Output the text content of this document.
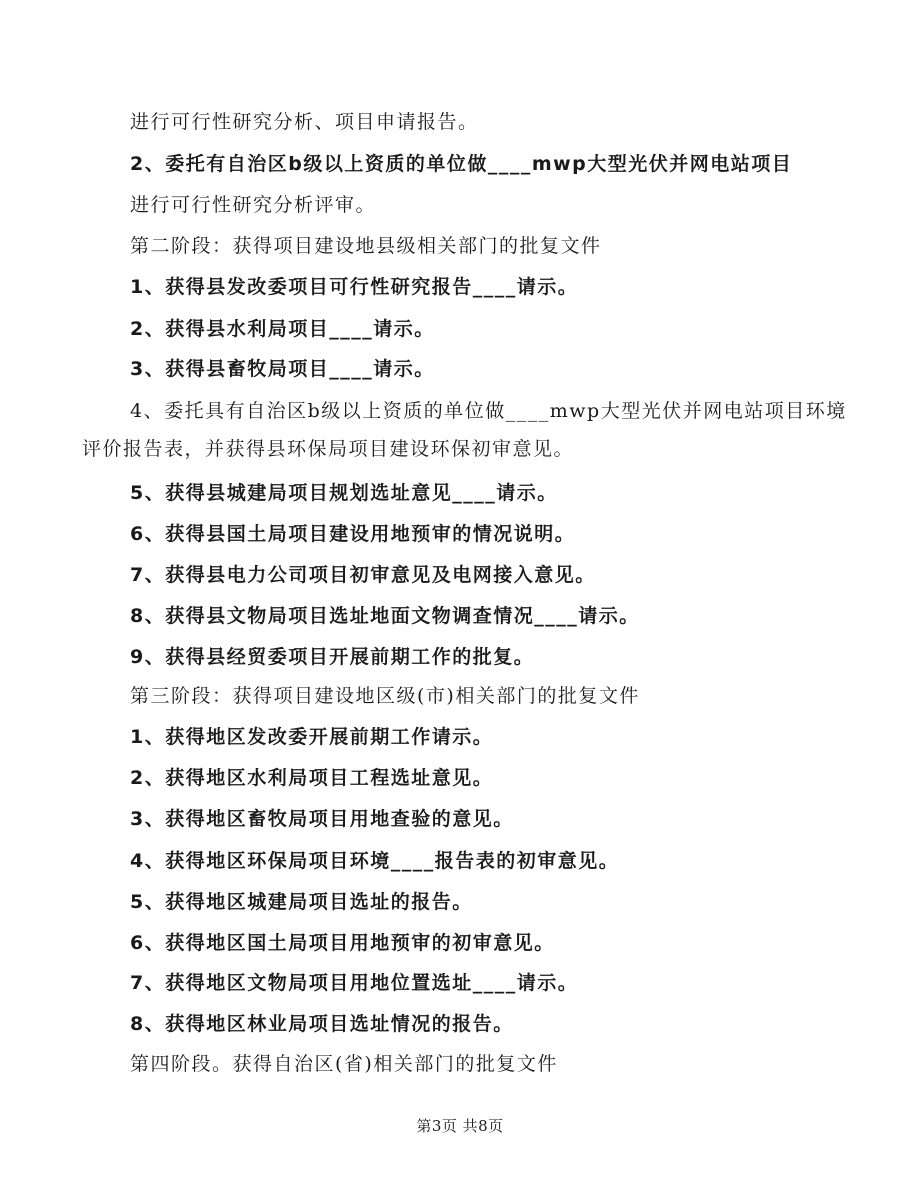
进行可行性研究分析、项目申请报告。
2、委托有自治区b级以上资质的单位做____mwp大型光伏并网电站项目
进行可行性研究分析评审。
第二阶段：获得项目建设地县级相关部门的批复文件
1、获得县发改委项目可行性研究报告____请示。
2、获得县水利局项目____请示。
3、获得县畜牧局项目____请示。
4、委托具有自治区b级以上资质的单位做____mwp大型光伏并网电站项目环境
评价报告表，并获得县环保局项目建设环保初审意见。
5、获得县城建局项目规划选址意见____请示。
6、获得县国土局项目建设用地预审的情况说明。
7、获得县电力公司项目初审意见及电网接入意见。
8、获得县文物局项目选址地面文物调查情况____请示。
9、获得县经贸委项目开展前期工作的批复。
第三阶段：获得项目建设地区级(市)相关部门的批复文件
1、获得地区发改委开展前期工作请示。
2、获得地区水利局项目工程选址意见。
3、获得地区畜牧局项目用地查验的意见。
4、获得地区环保局项目环境____报告表的初审意见。
5、获得地区城建局项目选址的报告。
6、获得地区国土局项目用地预审的初审意见。
7、获得地区文物局项目用地位置选址____请示。
8、获得地区林业局项目选址情况的报告。
第四阶段。获得自治区(省)相关部门的批复文件
第3页 共8页
